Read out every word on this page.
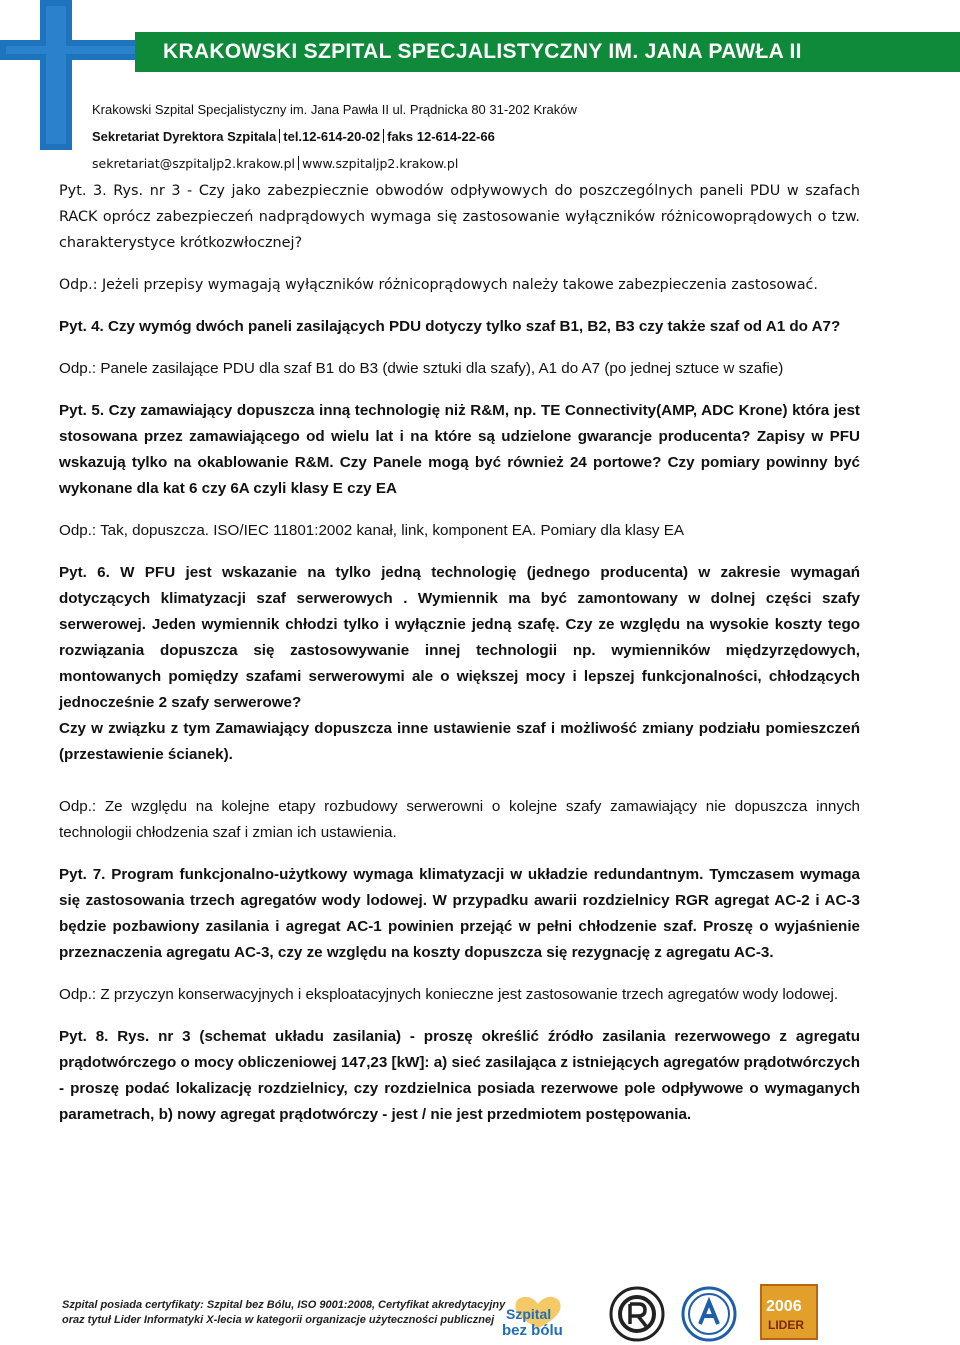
KRAKOWSKI SZPITAL SPECJALISTYCZNY IM. JANA PAWŁA II
Krakowski Szpital Specjalistyczny im. Jana Pawła II ul. Prądnicka 80 31-202 Kraków
Sekretariat Dyrektora Szpitala tel.12-614-20-02 faks 12-614-22-66
sekretariat@szpitaljp2.krakow.pl www.szpitaljp2.krakow.pl

Pyt. 3. Rys. nr 3 - Czy jako zabezpiecznie obwodów odpływowych do poszczególnych paneli PDU w szafach RACK oprócz zabezpieczeń nadprądowych wymaga się zastosowanie wyłączników różnicowoprądowych o tzw. charakterystyce krótkozwłocznej?

Odp.: Jeżeli przepisy wymagają wyłączników różnicoprądowych należy takowe zabezpieczenia zastosować.

Pyt. 4. Czy wymóg dwóch paneli zasilających PDU dotyczy tylko szaf B1, B2, B3 czy także szaf od A1 do A7?

Odp.: Panele zasilające PDU dla szaf B1 do B3 (dwie sztuki dla szafy), A1 do A7 (po jednej sztuce w szafie)

Pyt. 5. Czy zamawiający dopuszcza inną technologię niż R&M, np. TE Connectivity(AMP, ADC Krone) która jest stosowana przez zamawiającego od wielu lat i na które są udzielone gwarancje producenta? Zapisy w PFU wskazują tylko na okablowanie R&M. Czy Panele mogą być również 24 portowe? Czy pomiary powinny być wykonane dla kat 6 czy 6A czyli klasy E czy EA

Odp.: Tak, dopuszcza. ISO/IEC 11801:2002 kanał, link, komponent EA. Pomiary dla klasy EA

Pyt. 6. W PFU jest wskazanie na tylko jedną technologię (jednego producenta) w zakresie wymagań dotyczących klimatyzacji szaf serwerowych . Wymiennik ma być zamontowany w dolnej części szafy serwerowej. Jeden wymiennik chłodzi tylko i wyłącznie jedną szafę. Czy ze względu na wysokie koszty tego rozwiązania dopuszcza się zastosowywanie innej technologii np. wymienników międzyrzędowych, montowanych pomiędzy szafami serwerowymi ale o większej mocy i lepszej funkcjonalności, chłodzących jednocześnie 2 szafy serwerowe?

Czy w związku z tym Zamawiający dopuszcza inne ustawienie szaf i możliwość zmiany podziału pomieszczeń (przestawienie ścianek).

Odp.: Ze względu na kolejne etapy rozbudowy serwerowni o kolejne szafy zamawiający nie dopuszcza innych technologii chłodzenia szaf i zmian ich ustawienia.

Pyt. 7. Program funkcjonalno-użytkowy wymaga klimatyzacji w układzie redundantnym. Tymczasem wymaga się zastosowania trzech agregatów wody lodowej. W przypadku awarii rozdzielnicy RGR agregat AC-2 i AC-3 będzie pozbawiony zasilania i agregat AC-1 powinien przejąć w pełni chłodzenie szaf. Proszę o wyjaśnienie przeznaczenia agregatu AC-3, czy ze względu na koszty dopuszcza się rezygnację z agregatu AC-3.

Odp.: Z przyczyn konserwacyjnych i eksploatacyjnych konieczne jest zastosowanie trzech agregatów wody lodowej.

Pyt. 8. Rys. nr 3 (schemat układu zasilania) - proszę określić źródło zasilania rezerwowego z agregatu prądotwórczego o mocy obliczeniowej 147,23 [kW]: a) sieć zasilająca z istniejących agregatów prądotwórczych - proszę podać lokalizację rozdzielnicy, czy rozdzielnica posiada rezerwowe pole odpływowe o wymaganych parametrach, b) nowy agregat prądotwórczy - jest / nie jest przedmiotem postępowania.

Szpital posiada certyfikaty: Szpital bez Bólu, ISO 9001:2008, Certyfikat akredytacyjny
oraz tytuł Lider Informatyki X-lecia w kategorii organizacje użyteczności publicznej Szpital
bez bólu
2006
LIDER
